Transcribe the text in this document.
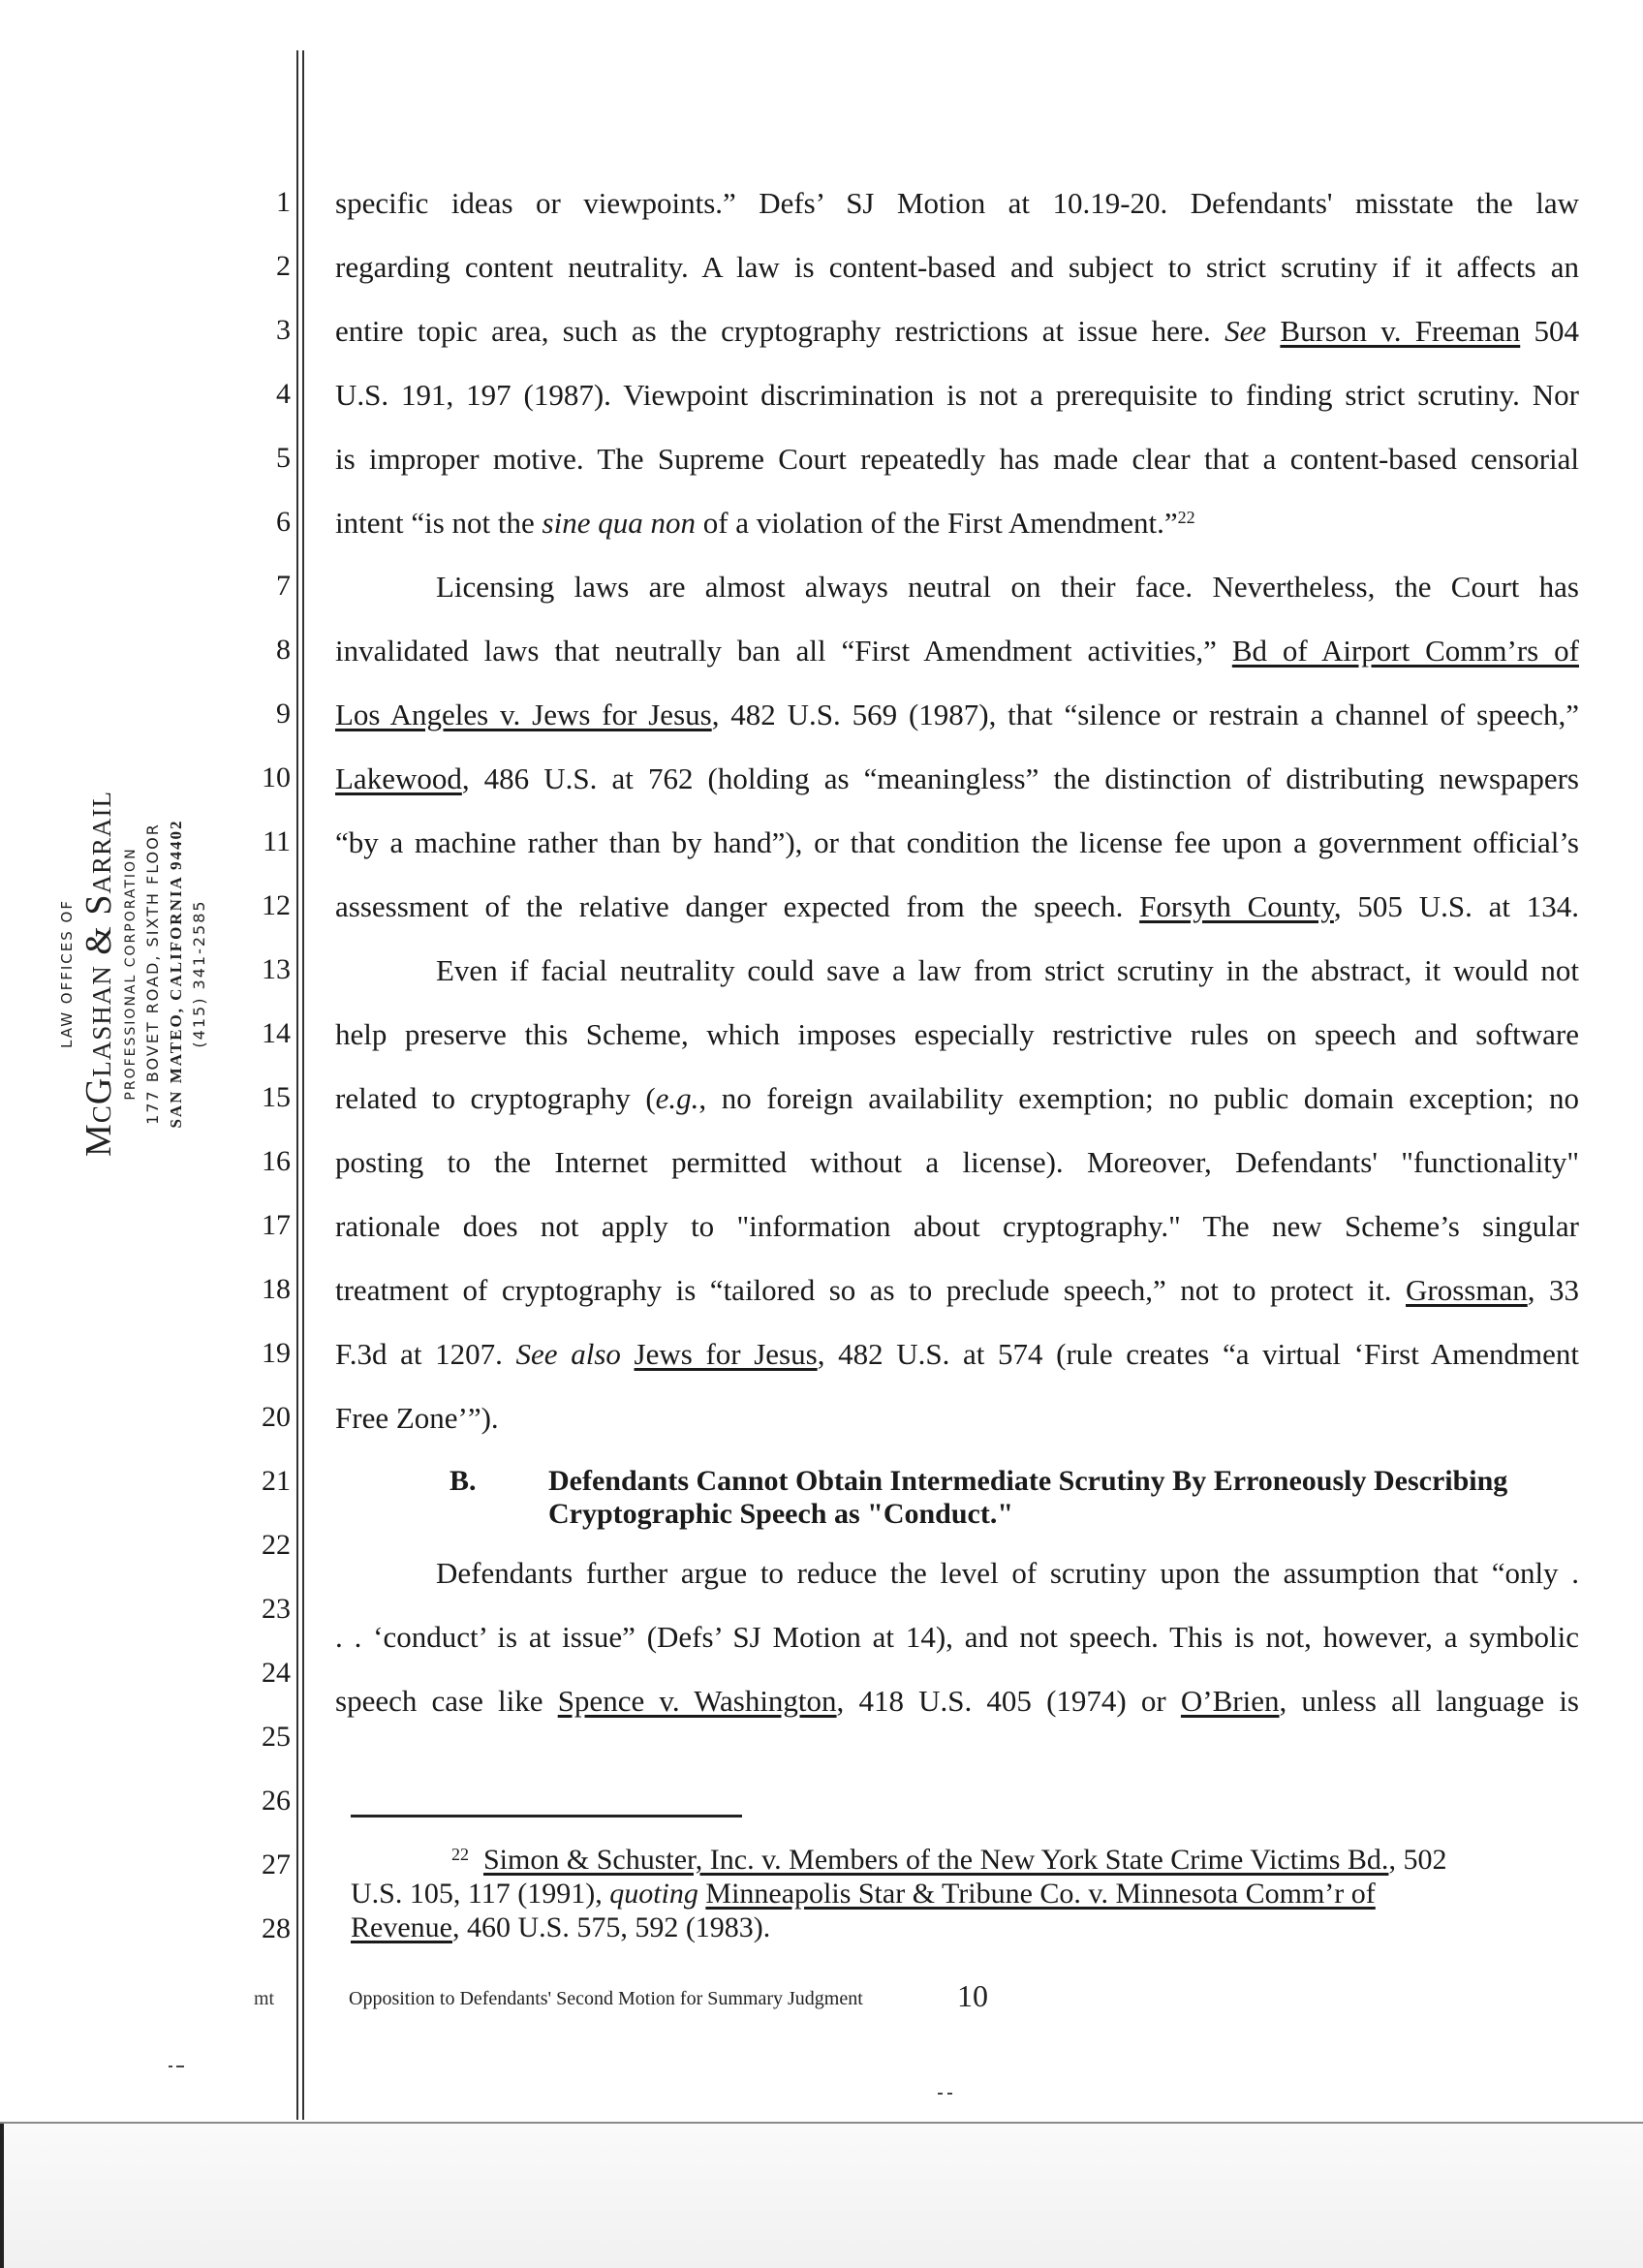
LAW OFFICES OF McGlashan & Sarrail PROFESSIONAL CORPORATION 177 BOVET ROAD, SIXTH FLOOR SAN MATEO, CALIFORNIA 94402 (415) 341-2585
1
2
3
4
5
6
7
8
9
10
11
12
13
14
15
16
17
18
19
20
21
22
23
24
25
26
27
28
specific ideas or viewpoints.” Defs’ SJ Motion at 10.19-20. Defendants' misstate the law
regarding content neutrality. A law is content-based and subject to strict scrutiny if it affects an
entire topic area, such as the cryptography restrictions at issue here. See Burson v. Freeman 504
U.S. 191, 197 (1987). Viewpoint discrimination is not a prerequisite to finding strict scrutiny. Nor
is improper motive. The Supreme Court repeatedly has made clear that a content-based censorial
intent “is not the sine qua non of a violation of the First Amendment.”$^{22}$
Licensing laws are almost always neutral on their face. Nevertheless, the Court has
invalidated laws that neutrally ban all “First Amendment activities,” Bd of Airport Comm’rs of
Los Angeles v. Jews for Jesus, 482 U.S. 569 (1987), that “silence or restrain a channel of speech,”
Lakewood, 486 U.S. at 762 (holding as “meaningless” the distinction of distributing newspapers
“by a machine rather than by hand”), or that condition the license fee upon a government official’s
assessment of the relative danger expected from the speech. Forsyth County, 505 U.S. at 134.
Even if facial neutrality could save a law from strict scrutiny in the abstract, it would not
help preserve this Scheme, which imposes especially restrictive rules on speech and software
related to cryptography (e.g., no foreign availability exemption; no public domain exception; no
posting to the Internet permitted without a license). Moreover, Defendants' "functionality"
rationale does not apply to "information about cryptography." The new Scheme’s singular
treatment of cryptography is “tailored so as to preclude speech,” not to protect it. Grossman, 33
F.3d at 1207. See also Jews for Jesus, 482 U.S. at 574 (rule creates “a virtual ‘First Amendment
Free Zone’”).
B. Defendants Cannot Obtain Intermediate Scrutiny By Erroneously Describing
Cryptographic Speech as "Conduct."
Defendants further argue to reduce the level of scrutiny upon the assumption that “only .
. . ‘conduct’ is at issue” (Defs’ SJ Motion at 14), and not speech. This is not, however, a symbolic
speech case like Spence v. Washington, 418 U.S. 405 (1974) or O’Brien, unless all language is
$^{22}$ Simon & Schuster, Inc. v. Members of the New York State Crime Victims Bd., 502
U.S. 105, 117 (1991), quoting Minneapolis Star & Tribune Co. v. Minnesota Comm’r of
Revenue, 460 U.S. 575, 592 (1983).
mt	Opposition to Defendants' Second Motion for Summary Judgment	10
